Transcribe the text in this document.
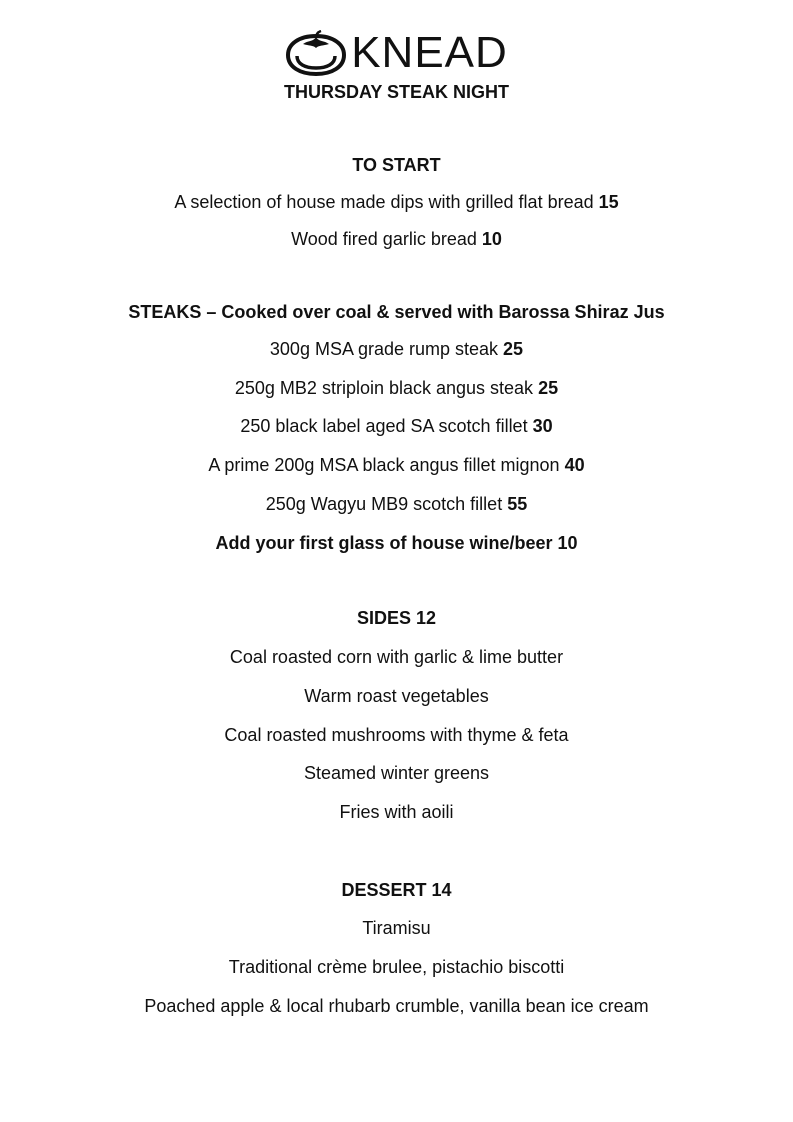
KNEAD
THURSDAY STEAK NIGHT
TO START
A selection of house made dips with grilled flat bread 15
Wood fired garlic bread 10
STEAKS – Cooked over coal & served with Barossa Shiraz Jus
300g MSA grade rump steak 25
250g MB2 striploin black angus steak 25
250 black label aged SA scotch fillet 30
A prime 200g MSA black angus fillet mignon 40
250g Wagyu MB9 scotch fillet 55
Add your first glass of house wine/beer 10
SIDES 12
Coal roasted corn with garlic & lime butter
Warm roast vegetables
Coal roasted mushrooms with thyme & feta
Steamed winter greens
Fries with aoili
DESSERT 14
Tiramisu
Traditional crème brulee, pistachio biscotti
Poached apple & local rhubarb crumble, vanilla bean ice cream
